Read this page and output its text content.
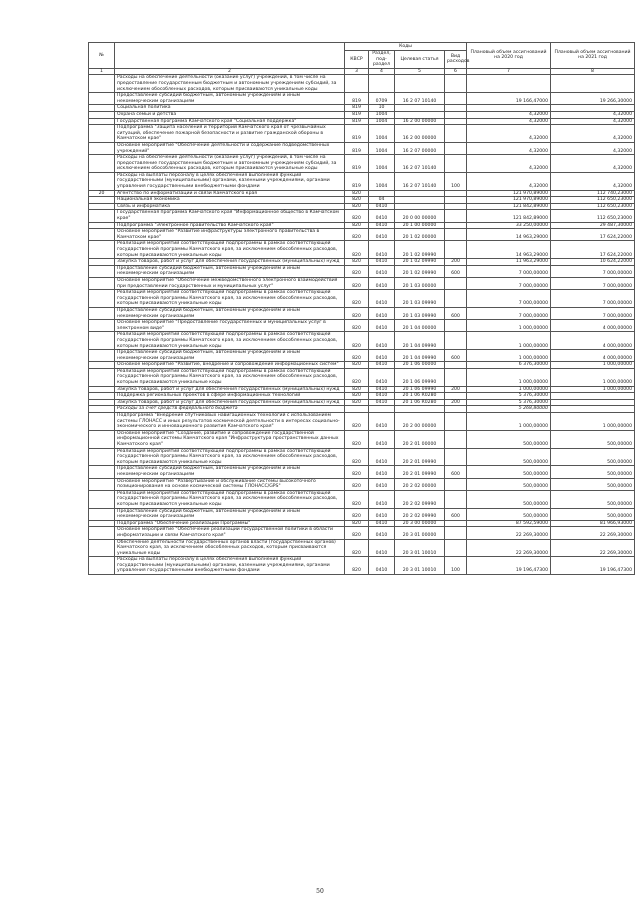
№		Коды				Плановый объем ассигнований на 2020 год	Плановый объем ассигнований на 2021 год
		КВСР	Раздел, под-раздел	Целевая статья	Вид расходов		
1	2	3	4	5	6	7	8
	Расходы на обеспечение деятельности (оказание услуг) учреждений, в том числе на предоставление государственным бюджетным и автономным учреждениям субсидий, за исключением обособленных расходов, которым присваиваются уникальные коды						
	Предоставление субсидий бюджетным, автономным учреждениям и иным некоммерческим организациям	819	0709	16 2 07 10140		19 166,47000	19 266,30000
	Социальная политика	819	10				
	Охрана семьи и детства	819	1004			4,32000	4,32000
	Государственная программа Камчатского края "Социальная поддержка"	819	1004	16 2 00 00000		4,32000	4,32000
	Подпрограмма "Защита населения и территорий Камчатского края от чрезвычайных ситуаций, обеспечение пожарной безопасности и развитие гражданской обороны в Камчатском крае"	819	1004	16 2 00 00000		4,32000	4,32000
	Основное мероприятие "Обеспечение деятельности и содержание подведомственных учреждений"	819	1004	16 2 07 00000		4,32000	4,32000
	Расходы на обеспечение деятельности (оказание услуг) учреждений, в том числе на предоставление государственным бюджетным и автономным учреждениям субсидий, за исключением обособленных расходов, которым присваиваются уникальные коды	819	1004	16 2 07 10140		4,32000	4,32000
	Расходы на выплаты персоналу в целях обеспечения выполнения функций государственными (муниципальными) органами, казенными учреждениями, органами управления государственными внебюджетными фондами	819	1004	16 2 07 10140	100	4,32000	4,32000
20	Агентство по информатизации и связи Камчатского края	820				121 970,89000	112 740,23000
	Национальная экономика	820	04			121 970,89000	112 650,23000
	Связь и информатика	820	0410			121 842,89000	112 650,23000
	Государственная программа Камчатского края "Информационное общество в Камчатском крае"	820	0410	20 0 00 00000		121 842,89000	112 650,23000
	Подпрограмма "Электронное правительство Камчатского края"	820	0410	20 1 00 00000		33 250,00000	29 487,30000
	Основное мероприятие "Развитие инфраструктуры электронного правительства в Камчатском крае"	820	0410	20 1 02 00000		14 963,29000	17 624,22000
	Реализация мероприятий соответствующей подпрограммы в рамках соответствующей государственной программы Камчатского края, за исключением обособленных расходов, которым присваиваются уникальные коды	820	0410	20 1 02 09990		14 963,29000	17 624,22000
	Закупка товаров, работ и услуг для обеспечения государственных (муниципальных) нужд	820	0410	20 1 02 09990	200	11 963,29000	10 624,22000
	Предоставление субсидий бюджетным, автономным учреждениям и иным некоммерческим организациям	820	0410	20 1 02 09990	600	7 000,00000	7 000,00000
	Основное мероприятие "Обеспечение межведомственного электронного взаимодействия при предоставлении государственных и муниципальных услуг"	820	0410	20 1 03 00000		7 000,00000	7 000,00000
	Реализация мероприятий соответствующей подпрограммы в рамках соответствующей государственной программы Камчатского края, за исключением обособленных расходов, которым присваиваются уникальные коды	820	0410	20 1 03 09990		7 000,00000	7 000,00000
	Предоставление субсидий бюджетным, автономным учреждениям и иным некоммерческим организациям	820	0410	20 1 03 09990	600	7 000,00000	7 000,00000
	Основное мероприятие "Предоставление государственных и муниципальных услуг в электронном виде"	820	0410	20 1 04 00000		1 000,00000	4 000,00000
	Реализация мероприятий соответствующей подпрограммы в рамках соответствующей государственной программы Камчатского края, за исключением обособленных расходов, которым присваиваются уникальные коды	820	0410	20 1 04 09990		1 000,00000	4 000,00000
	Предоставление субсидий бюджетным, автономным учреждениям и иным некоммерческим организациям	820	0410	20 1 04 09990	600	1 000,00000	4 000,00000
	Основное мероприятие "Развитие, внедрение и сопровождение информационных систем"	820	0410	20 1 06 00000		6 376,30000	1 000,00000
	Реализация мероприятий соответствующей подпрограммы в рамках соответствующей государственной программы Камчатского края, за исключением обособленных расходов, которым присваиваются уникальные коды	820	0410	20 1 06 09990		1 000,00000	1 000,00000
	Закупка товаров, работ и услуг для обеспечения государственных (муниципальных) нужд	820	0410	20 1 06 09990	200	1 000,00000	1 000,00000
	Поддержка региональных проектов в сфере информационных технологий	820	0410	20 1 06 R0280		5 376,30000	
	Закупка товаров, работ и услуг для обеспечения государственных (муниципальных) нужд	820	0410	20 1 06 R0280	200	5 376,30000	
	Расходы за счет средств федерального бюджета					5 268,80000	
	Подпрограмма "Внедрение спутниковых навигационных технологий с использованием системы ГЛОНАСС и иных результатов космической деятельности в интересах социально-экономического и инновационного развития Камчатского края"	820	0410	20 2 00 00000		1 000,00000	1 000,00000
	Основное мероприятие "Создание, развитие и сопровождение государственной информационной системы Камчатского края "Инфраструктура пространственных данных Камчатского края"	820	0410	20 2 01 00000		500,00000	500,00000
	Реализация мероприятий соответствующей подпрограммы в рамках соответствующей государственной программы Камчатского края, за исключением обособленных расходов, которым присваиваются уникальные коды	820	0410	20 2 01 09990		500,00000	500,00000
	Предоставление субсидий бюджетным, автономным учреждениям и иным некоммерческим организациям	820	0410	20 2 01 09990	600	500,00000	500,00000
	Основное мероприятие "Развертывание и обслуживание системы высокоточного позиционирования на основе космической системы ГЛОНАСС/GPS"	820	0410	20 2 02 00000		500,00000	500,00000
	Реализация мероприятий соответствующей подпрограммы в рамках соответствующей государственной программы Камчатского края, за исключением обособленных расходов, которым присваиваются уникальные коды	820	0410	20 2 02 09990		500,00000	500,00000
	Предоставление субсидий бюджетным, автономным учреждениям и иным некоммерческим организациям	820	0410	20 2 02 09990	600	500,00000	500,00000
	Подпрограмма "Обеспечение реализации Программы"	820	0410	20 3 00 00000		87 592,59000	81 966,93000
	Основное мероприятие "Обеспечение реализации государственной политики в области информатизации и связи Камчатского края"	820	0410	20 3 01 00000		22 269,30000	22 269,30000
	Обеспечение деятельности государственных органов власти (государственных органов) Камчатского края, за исключением обособленных расходов, которым присваиваются уникальные коды	820	0410	20 3 01 10010		22 269,30000	22 269,30000
	Расходы на выплаты персоналу в целях обеспечения выполнения функций государственными (муниципальными) органами, казенными учреждениями, органами управления государственными внебюджетными фондами	820	0410	20 3 01 10010	100	19 196,47300	19 196,47300
50
